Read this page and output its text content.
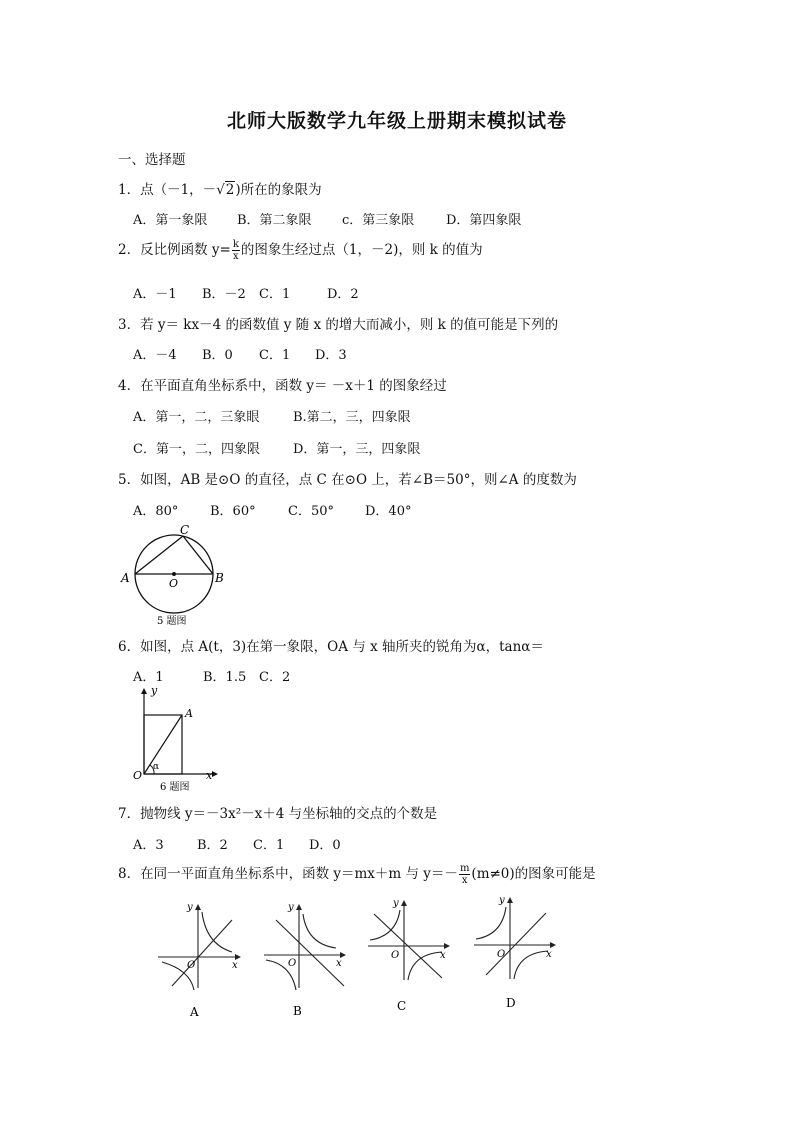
北师大版数学九年级上册期末模拟试卷
一、选择题
1．点（－1，－√2)所在的象限为
A．第一象限 B．第二象限 c．第三象限 D．第四象限
2．反比例函数 $y= \frac{k}{x}$ 的图象生经过点（1，－2)，则 k 的值为
A．－1 B．－2 C．1	D．2
3．若 y＝ kx－4 的函数值 y 随 x 的增大而减小，则 k 的值可能是下列的
A．－4 B．0 C．1 D．3
4．在平面直角坐标系中，函数 y＝ －x＋1 的图象经过
A．第一，二，三象眼	B.第二，三，四象限
C．第一，二，四象限	D．第一，三，四象限
5．如图，AB 是⊙O 的直径，点 C 在⊙O 上，若∠B＝50°，则∠A 的度数为
A．80° B．60° C．50° D．40°
A	B
C
O
5 题图
6．如图，点 A(t，3)在第一象限，OA 与 x 轴所夹的锐角为α，tanα＝
A．1	B．1.5 C．2
y
A
O	x
α
6 题图
7．抛物线 y＝－3x²－x＋4 与坐标轴的交点的个数是
A．3	B．2 C．1 D．0
8．在同一平面直角坐标系中，函数 y＝mx＋m 与 $y=- \frac{m}{x} (m\ne 0)$的图象可能是
y
x
O
A
y
x
O
B
y
x
O
C
y
x
O
D
